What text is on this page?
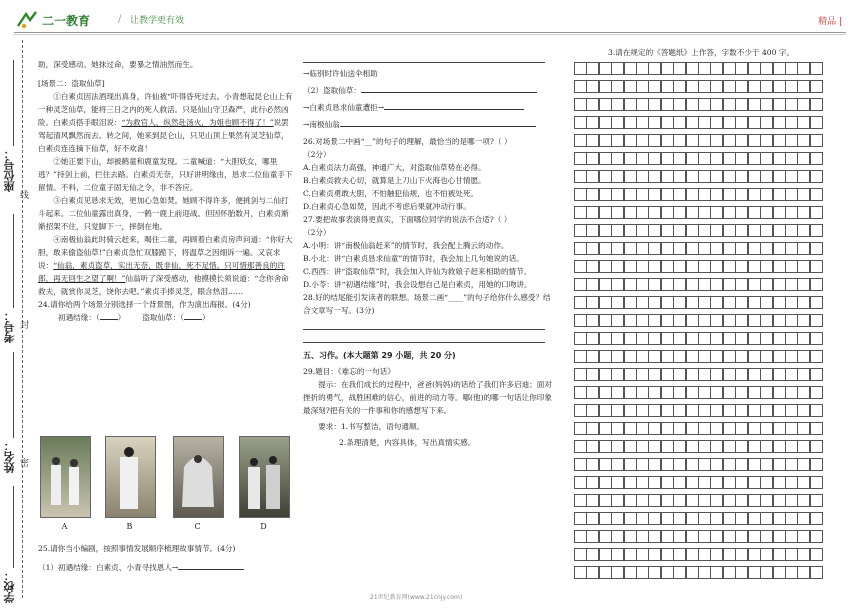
二一教育	/ 让教学更有效	精品 |
座位号：
考号：
姓名：
学校：
线
封
密

助，深受感动。她抹过命，要暴之情油然而生。

[场景二：盗取仙草]

①白素贞因法酒现出真身，许仙被“吓得昏死过去。小青想起昆仑山上有一种灵芝仙草，能将三日之内的死人救活。只是仙山守卫森严，此行必然凶险。白素贞搭手眼泪说：“为救官人，纵然赴汤火，为姐也顾不得了！”说罢驾起清风飘然而去。转之间，她来到昆仑山，只见山顶上果然有灵芝仙草，白素贞连连摘下仙草，好不欢喜！

②她正要下山，却被鹤童和鹿童发现。二童喊道：“大胆妖女，哪里逃？”持剑上前，拦住去路。白素贞无奈，只好讲明缘由，恳求二位仙童手下留情。不料，二位童子固无仙之令，非不答应。

③白素贞见恳求无效，更加心急如焚。她顾不得许多，便挑剑与二仙打斗起来。二位仙童露出真身，一鹤一鹿上前迎战。但因怀胎数月，白素贞渐渐招架不住，只觉脚下一，摔倒在地。

④南极仙翁此时骑云赶来，喝住二童，再顾着白素贞房声问道：“你好大胆，敢来偷盗仙草!”白素贞急忙双膝跪下，将温草之因细诉一遍。又哀求说：“仙翁，素贞盗草，实出无奈，既非仙，死不足惜。只可惜那善良的许郎，再无回生之望了啊！”仙翁听了深受感动，他摸摸长须说道：“念你舍命救夫，就赏你灵芝，饶你去吧。”素贞手捧灵芝，眼含热泪……

24.请你给两个场景分别选择一个背景图，作为演出海报。(4分)

初遇结缘：（ ） 盗取仙草：（ ）

A	B	C	D

25.请你当小编剧，按照事情发展顺序梳理故事情节。(4分)

（1）初遇结缘：白素贞、小青寻找恩人→

→临别时许仙送伞相助

（2）盗取仙草：

→白素贞恳求仙童遭拒→

→南极仙翁

26.对场景二中画“__”的句子的理解，最恰当的是哪一项?（ ）

（2分）

A.白素贞法力高强，神通广大，对盗取仙草势在必得。

B.白素贞救夫心切，就算是上刀山下火海也心甘情愿。

C.白素贞勇敢大胆，不怕触犯仙规，也不怕被处死。

D.白素贞心急如焚，因此不考虑后果就冲动行事。

27.要把故事表演得更真实，下面哪位同学的说法不合适?（ ）

（2分）

A.小明：讲“南极仙翁赶来”的情节时，我会配上腾云的动作。

B.小北：讲“白素贞恳求仙童”的情节时，我会加上几句她说的话。

C.西西：讲“盗取仙草”时，我会加入许仙为救娘子赶来相助的情节。

D.小苓：讲“初遇结缘”时，我会设想自己是白素贞，用她的口吻讲。

28.好的结尾能引发读者的联想。场景二画“____”的句子给你什么感受？结合文章写一写。(3分)

五、习作。(本大题第 29 小题，共 20 分)

29.题目：《难忘的一句话》

提示：在我们成长的过程中，爸爸(妈妈)的话给了我们许多启迪；面对挫折的勇气，战胜困难的信心，前进的动力等。哪(他)的哪一句话让你印象最深刻?把有关的一件事和你的感想写下来。

要求：1.书写整洁，语句通顺。

2.条理清楚，内容具体，写出真情实感。

3.请在规定的《答题纸》上作答，字数不少于 400 字。
21世纪教育网(www.21cnjy.com)
